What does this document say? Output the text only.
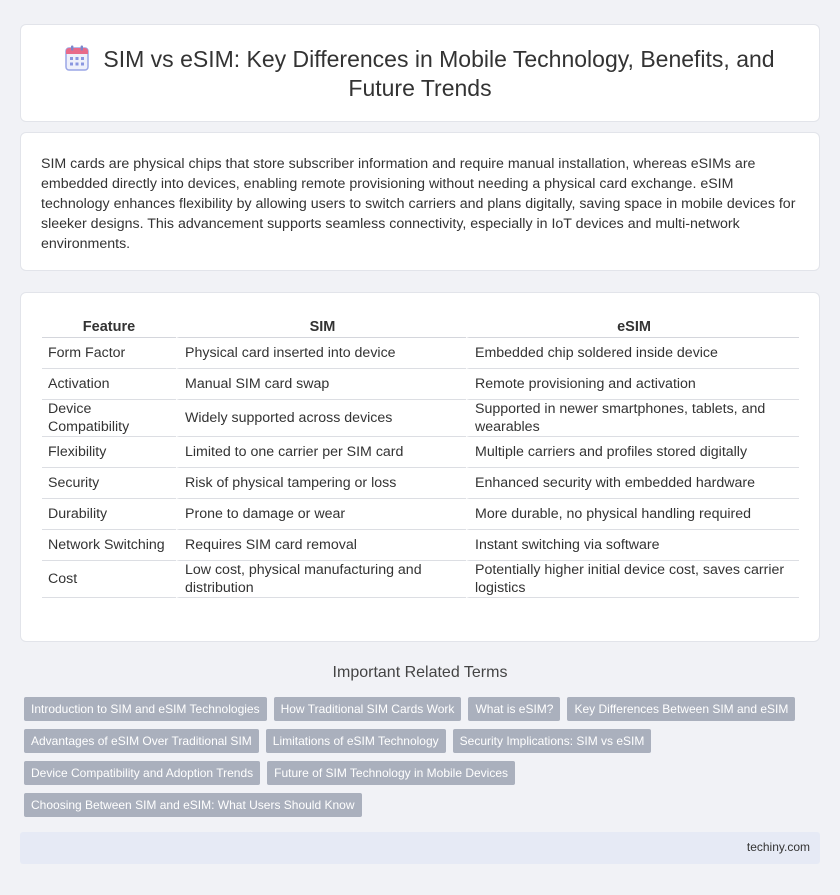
SIM vs eSIM: Key Differences in Mobile Technology, Benefits, and Future Trends

SIM cards are physical chips that store subscriber information and require manual installation, whereas eSIMs are embedded directly into devices, enabling remote provisioning without needing a physical card exchange. eSIM technology enhances flexibility by allowing users to switch carriers and plans digitally, saving space in mobile devices for sleeker designs. This advancement supports seamless connectivity, especially in IoT devices and multi-network environments.

Feature	SIM	eSIM
Form Factor	Physical card inserted into device	Embedded chip soldered inside device
Activation	Manual SIM card swap	Remote provisioning and activation
Device Compatibility	Widely supported across devices	Supported in newer smartphones, tablets, and wearables
Flexibility	Limited to one carrier per SIM card	Multiple carriers and profiles stored digitally
Security	Risk of physical tampering or loss	Enhanced security with embedded hardware
Durability	Prone to damage or wear	More durable, no physical handling required
Network Switching	Requires SIM card removal	Instant switching via software
Cost	Low cost, physical manufacturing and distribution	Potentially higher initial device cost, saves carrier logistics
Important Related Terms
Introduction to SIM and eSIM Technologies	How Traditional SIM Cards Work	What is eSIM?	Key Differences Between SIM and eSIM
Advantages of eSIM Over Traditional SIM	Limitations of eSIM Technology	Security Implications: SIM vs eSIM
Device Compatibility and Adoption Trends	Future of SIM Technology in Mobile Devices
Choosing Between SIM and eSIM: What Users Should Know
techiny.com
